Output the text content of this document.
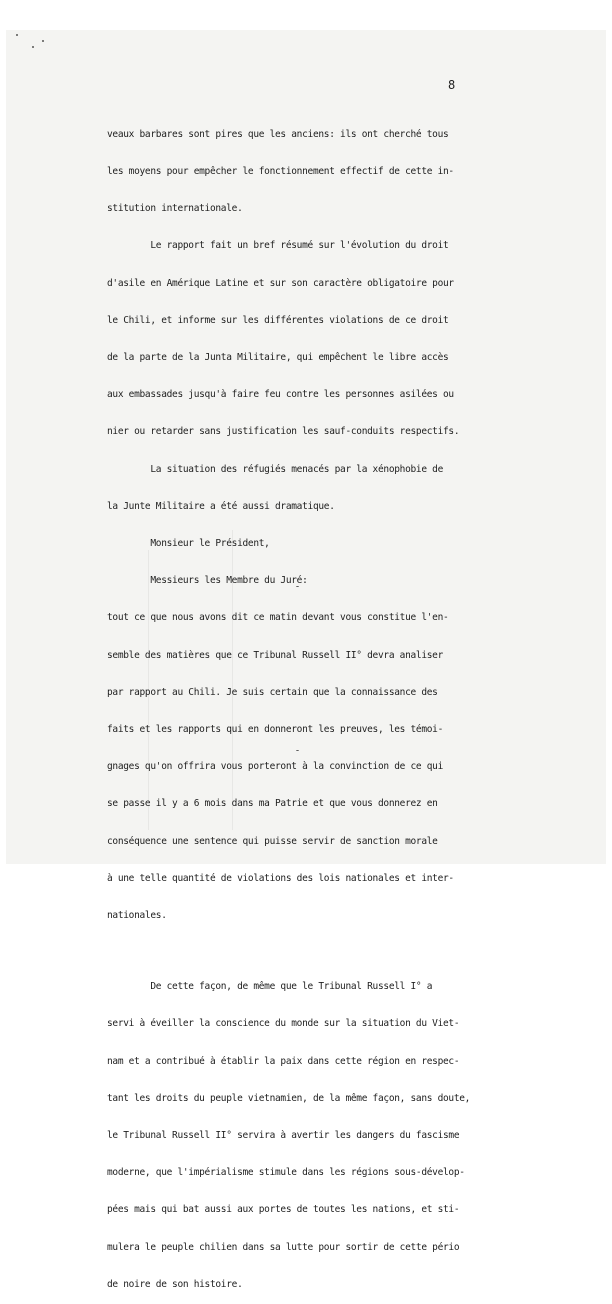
8

veaux barbares sont pires que les anciens: ils ont cherché tous

les moyens pour empêcher le fonctionnement effectif de cette in-

stitution internationale.

Le rapport fait un bref résumé sur l'évolution du droit

d'asile en Amérique Latine et sur son caractère obligatoire pour

le Chili, et informe sur les différentes violations de ce droit

de la parte de la Junta Militaire, qui empêchent le libre accès

aux embassades jusqu'à faire feu contre les personnes asilées ou

nier ou retarder sans justification les sauf-conduits respectifs.

La situation des réfugiés menacés par la xénophobie de

la Junte Militaire a été aussi dramatique.

Monsieur le Président,

Messieurs les Membre du Juré:

tout ce que nous avons dit ce matin devant vous constitue l'en-

semble des matières que ce Tribunal Russell II° devra analiser

par rapport au Chili. Je suis certain que la connaissance des

faits et les rapports qui en donneront les preuves, les témoi-

gnages qu'on offrira vous porteront à la convinction de ce qui

se passe il y a 6 mois dans ma Patrie et que vous donnerez en

conséquence une sentence qui puisse servir de sanction morale

à une telle quantité de violations des lois nationales et inter-

nationales.

De cette façon, de même que le Tribunal Russell I° a

servi à éveiller la conscience du monde sur la situation du Viet-

nam et a contribué à établir la paix dans cette région en respec-

tant les droits du peuple vietnamien, de la même façon, sans doute,

le Tribunal Russell II° servira à avertir les dangers du fascisme

moderne, que l'impérialisme stimule dans les régions sous-dévelop-

pées mais qui bat aussi aux portes de toutes les nations, et sti-

mulera le peuple chilien dans sa lutte pour sortir de cette pério

de noire de son histoire.
